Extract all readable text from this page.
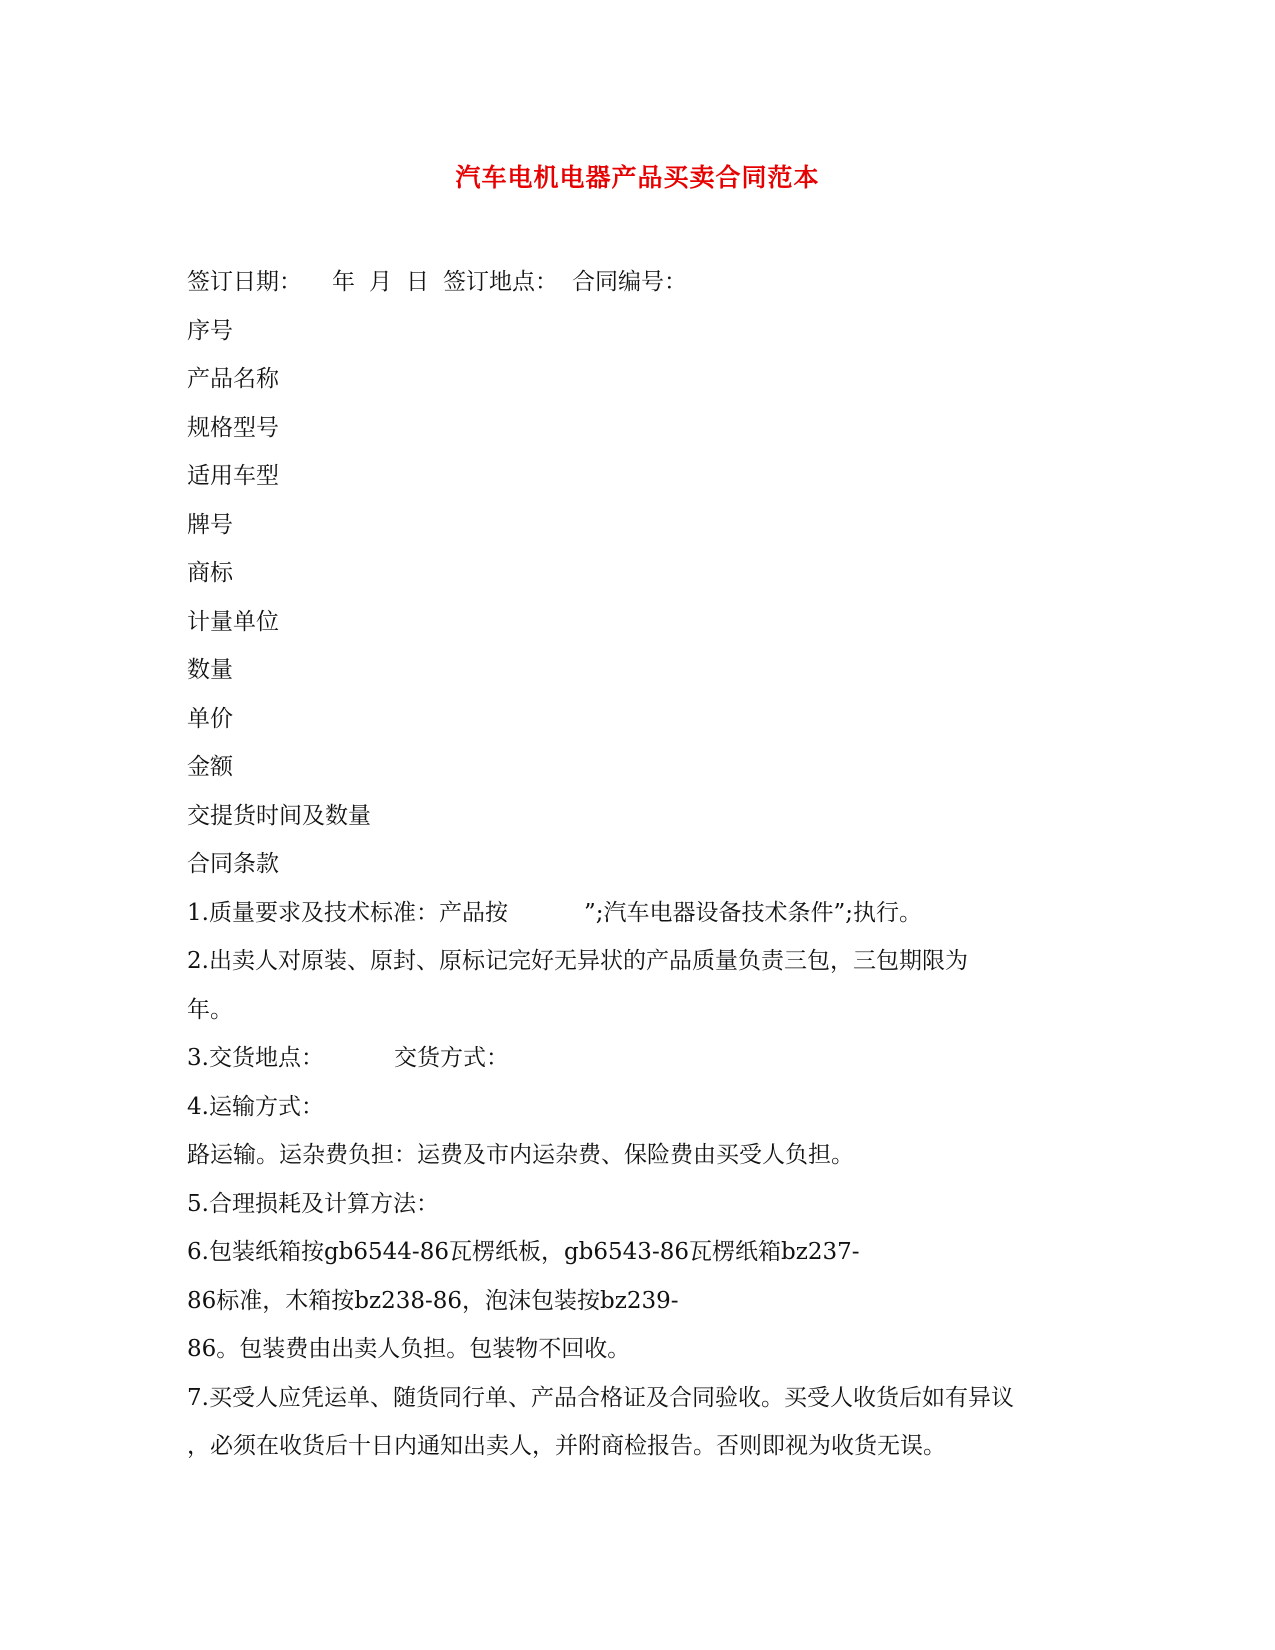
汽车电机电器产品买卖合同范本
签订日期： 年 月 日 签订地点： 合同编号：
序号
产品名称
规格型号
适用车型
牌号
商标
计量单位
数量
单价
金额
交提货时间及数量
合同条款
1.质量要求及技术标准：产品按	”;汽车电器设备技术条件”;执行。
2.出卖人对原装、原封、原标记完好无异状的产品质量负责三包，三包期限为
年。
3.交货地点：	交货方式：
4.运输方式：
路运输。运杂费负担：运费及市内运杂费、保险费由买受人负担。
5.合理损耗及计算方法：
6.包装纸箱按gb6544-86瓦楞纸板，gb6543-86瓦楞纸箱bz237-
86标准，木箱按bz238-86，泡沫包装按bz239-
86。包装费由出卖人负担。包装物不回收。
7.买受人应凭运单、随货同行单、产品合格证及合同验收。买受人收货后如有异议
，必须在收货后十日内通知出卖人，并附商检报告。否则即视为收货无误。
